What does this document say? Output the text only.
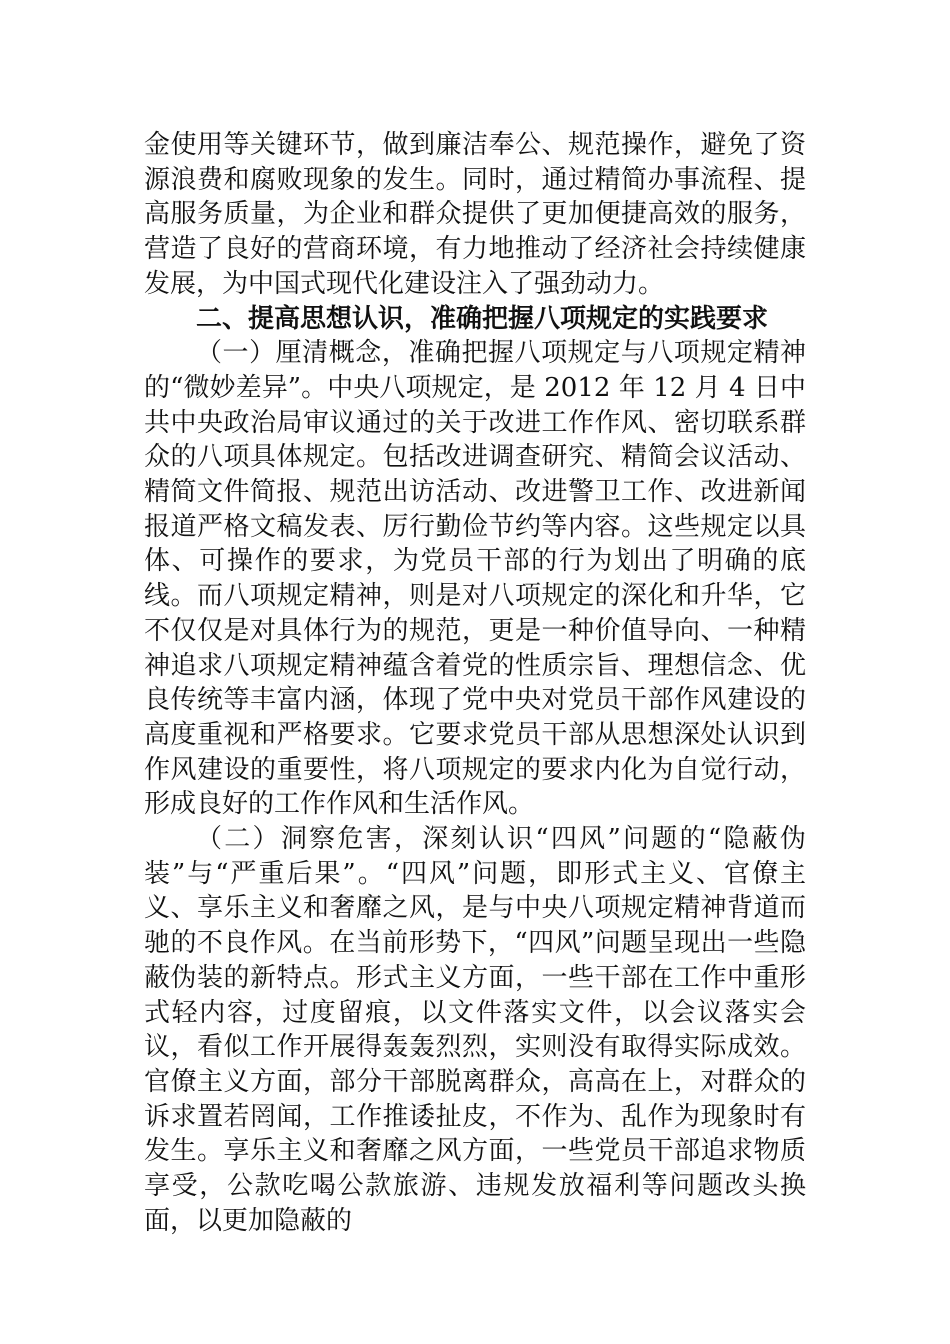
金使用等关键环节，做到廉洁奉公、规范操作，避免了资源浪费和腐败现象的发生。同时，通过精简办事流程、提高服务质量，为企业和群众提供了更加便捷高效的服务，营造了良好的营商环境，有力地推动了经济社会持续健康发展，为中国式现代化建设注入了强劲动力。

二、提高思想认识，准确把握八项规定的实践要求

（一）厘清概念，准确把握八项规定与八项规定精神的“微妙差异”。中央八项规定，是 2012 年 12 月 4 日中共中央政治局审议通过的关于改进工作作风、密切联系群众的八项具体规定。包括改进调查研究、精简会议活动、精简文件简报、规范出访活动、改进警卫工作、改进新闻报道严格文稿发表、厉行勤俭节约等内容。这些规定以具体、可操作的要求，为党员干部的行为划出了明确的底线。而八项规定精神，则是对八项规定的深化和升华，它不仅仅是对具体行为的规范，更是一种价值导向、一种精神追求八项规定精神蕴含着党的性质宗旨、理想信念、优良传统等丰富内涵，体现了党中央对党员干部作风建设的高度重视和严格要求。它要求党员干部从思想深处认识到作风建设的重要性，将八项规定的要求内化为自觉行动，形成良好的工作作风和生活作风。

（二）洞察危害，深刻认识“四风”问题的“隐蔽伪装”与“严重后果”。“四风”问题，即形式主义、官僚主义、享乐主义和奢靡之风，是与中央八项规定精神背道而驰的不良作风。在当前形势下，“四风”问题呈现出一些隐蔽伪装的新特点。形式主义方面，一些干部在工作中重形式轻内容，过度留痕，以文件落实文件，以会议落实会议，看似工作开展得轰轰烈烈，实则没有取得实际成效。官僚主义方面，部分干部脱离群众，高高在上，对群众的诉求置若罔闻，工作推诿扯皮，不作为、乱作为现象时有发生。享乐主义和奢靡之风方面，一些党员干部追求物质享受，公款吃喝公款旅游、违规发放福利等问题改头换面，以更加隐蔽的
